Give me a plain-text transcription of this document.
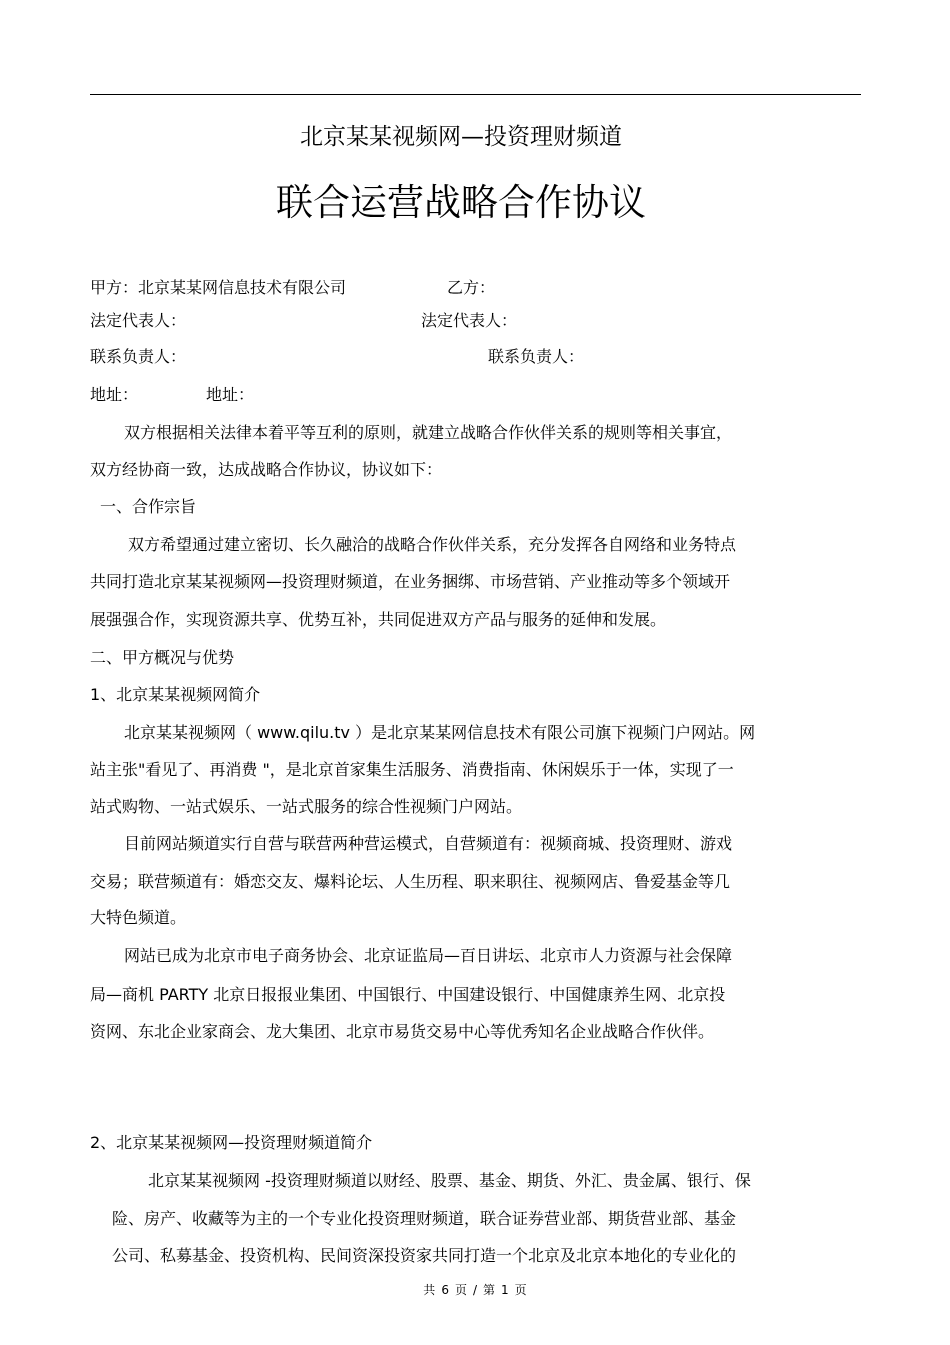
北京某某视频网—投资理财频道
联合运营战略合作协议
甲方：北京某某网信息技术有限公司	乙方：
法定代表人：	法定代表人：
联系负责人：	联系负责人：
地址：	地址：
双方根据相关法律本着平等互利的原则，就建立战略合作伙伴关系的规则等相关事宜，
双方经协商一致，达成战略合作协议，协议如下：
一、合作宗旨
双方希望通过建立密切、长久融洽的战略合作伙伴关系，充分发挥各自网络和业务特点
共同打造北京某某视频网—投资理财频道，在业务捆绑、市场营销、产业推动等多个领域开
展强强合作，实现资源共享、优势互补，共同促进双方产品与服务的延伸和发展。
二、甲方概况与优势
1、北京某某视频网简介
北京某某视频网（ www.qilu.tv ）是北京某某网信息技术有限公司旗下视频门户网站。网
站主张"看见了、再消费 "，是北京首家集生活服务、消费指南、休闲娱乐于一体，实现了一
站式购物、一站式娱乐、一站式服务的综合性视频门户网站。
目前网站频道实行自营与联营两种营运模式，自营频道有：视频商城、投资理财、游戏
交易；联营频道有：婚恋交友、爆料论坛、人生历程、职来职往、视频网店、鲁爱基金等几
大特色频道。
网站已成为北京市电子商务协会、北京证监局—百日讲坛、北京市人力资源与社会保障
局—商机 PARTY 北京日报报业集团、中国银行、中国建设银行、中国健康养生网、北京投
资网、东北企业家商会、龙大集团、北京市易货交易中心等优秀知名企业战略合作伙伴。
2、北京某某视频网—投资理财频道简介
北京某某视频网 -投资理财频道以财经、股票、基金、期货、外汇、贵金属、银行、保
险、房产、收藏等为主的一个专业化投资理财频道，联合证券营业部、期货营业部、基金
公司、私募基金、投资机构、民间资深投资家共同打造一个北京及北京本地化的专业化的
共 6 页 / 第 1 页
